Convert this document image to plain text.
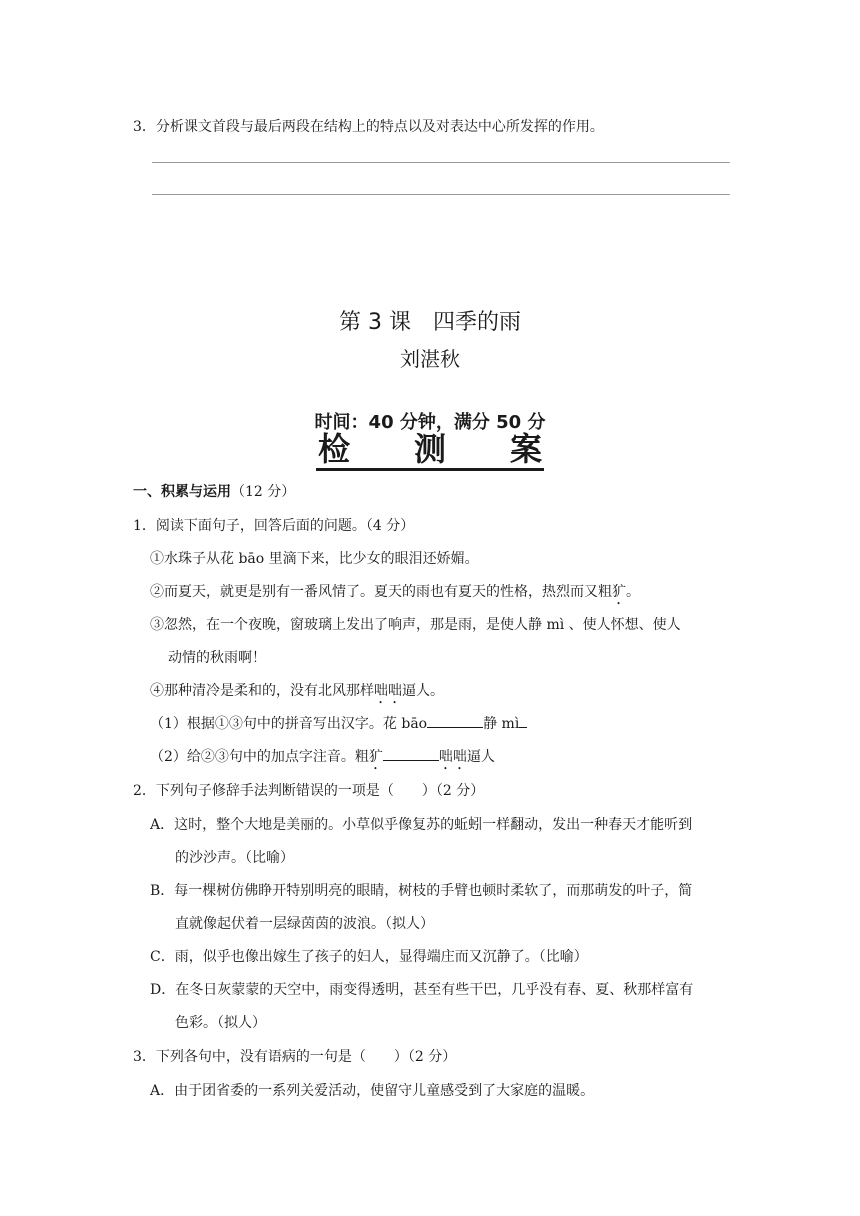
3．分析课文首段与最后两段在结构上的特点以及对表达中心所发挥的作用。
第 3 课　四季的雨
刘湛秋
时间：40 分钟，满分 50 分
检　　测　　案
一、积累与运用（12 分）
1．阅读下面句子，回答后面的问题。（4 分）
①水珠子从花 bāo 里滴下来，比少女的眼泪还娇媚。
②而夏天，就更是别有一番风情了。夏天的雨也有夏天的性格，热烈而又粗犷。
③忽然，在一个夜晚，窗玻璃上发出了响声，那是雨，是使人静 mì 、使人怀想、使人
动情的秋雨啊！
④那种清冷是柔和的，没有北风那样咄咄逼人。
（1）根据①③句中的拼音写出汉字。花 bāo	静 mì
（2）给②③句中的加点字注音。粗犷	咄咄逼人
2．下列句子修辞手法判断错误的一项是（　　）（2 分）
A．这时，整个大地是美丽的。小草似乎像复苏的蚯蚓一样翻动，发出一种春天才能听到
的沙沙声。（比喻）
B．每一棵树仿佛睁开特别明亮的眼睛，树枝的手臂也顿时柔软了，而那萌发的叶子，简
直就像起伏着一层绿茵茵的波浪。（拟人）
C．雨，似乎也像出嫁生了孩子的妇人，显得端庄而又沉静了。（比喻）
D．在冬日灰蒙蒙的天空中，雨变得透明，甚至有些干巴，几乎没有春、夏、秋那样富有
色彩。（拟人）
3．下列各句中，没有语病的一句是（　　）（2 分）
A．由于团省委的一系列关爱活动，使留守儿童感受到了大家庭的温暖。
